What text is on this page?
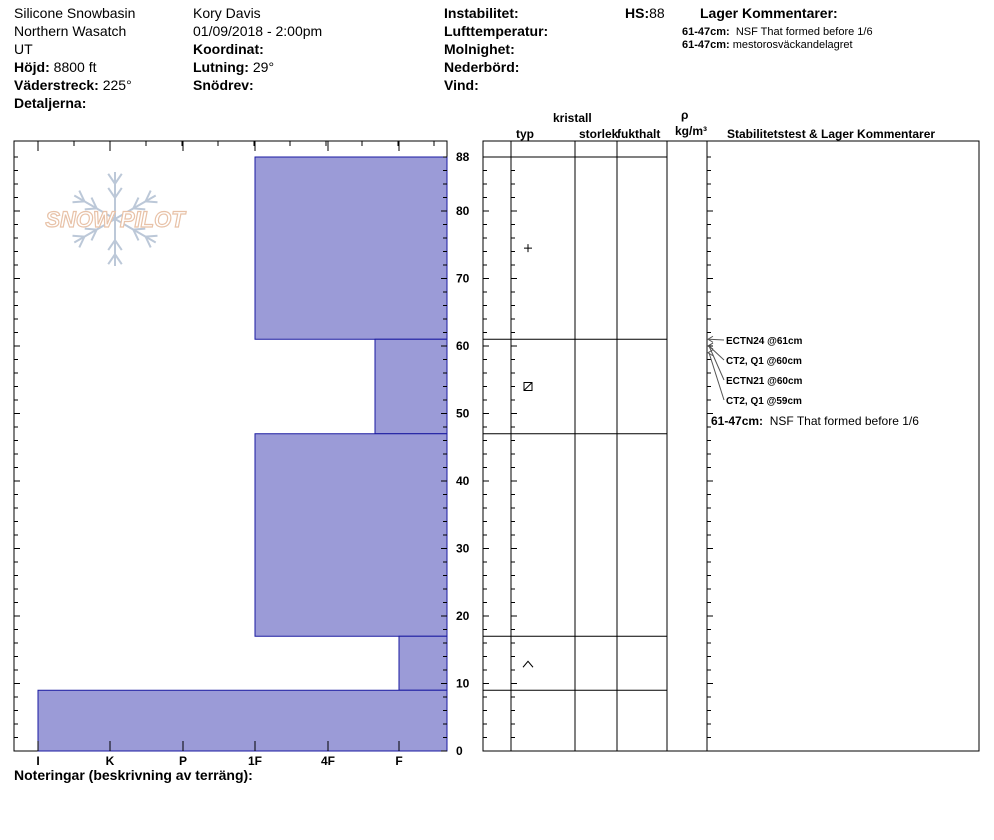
Silicone Snowbasin
Northern Wasatch
UT
Höjd: 8800 ft
Väderstreck: 225°
Detaljerna:
Kory Davis
01/09/2018 - 2:00pm
Koordinat:
Lutning: 29°
Snödrev:
Instabilitet:
Lufttemperatur:
Molnighet:
Nederbörd:
Vind:
HS:88	Lager Kommentarer:
61-47cm: NSF That formed before 1/6
61-47cm: mestorosväckandelagret
typ
kristall
storlek
fukthalt
ρ
kg/m³ Stabilitetstest & Lager Kommentarer
SNOW PILOT
0
10
20
30
40
50
60
70
80
88
I	K	P	1F	4F	F
ECTN24 @61cm
CT2, Q1 @60cm
ECTN21 @60cm
CT2, Q1 @59cm
61-47cm: NSF That formed before 1/6
Noteringar (beskrivning av terräng):
